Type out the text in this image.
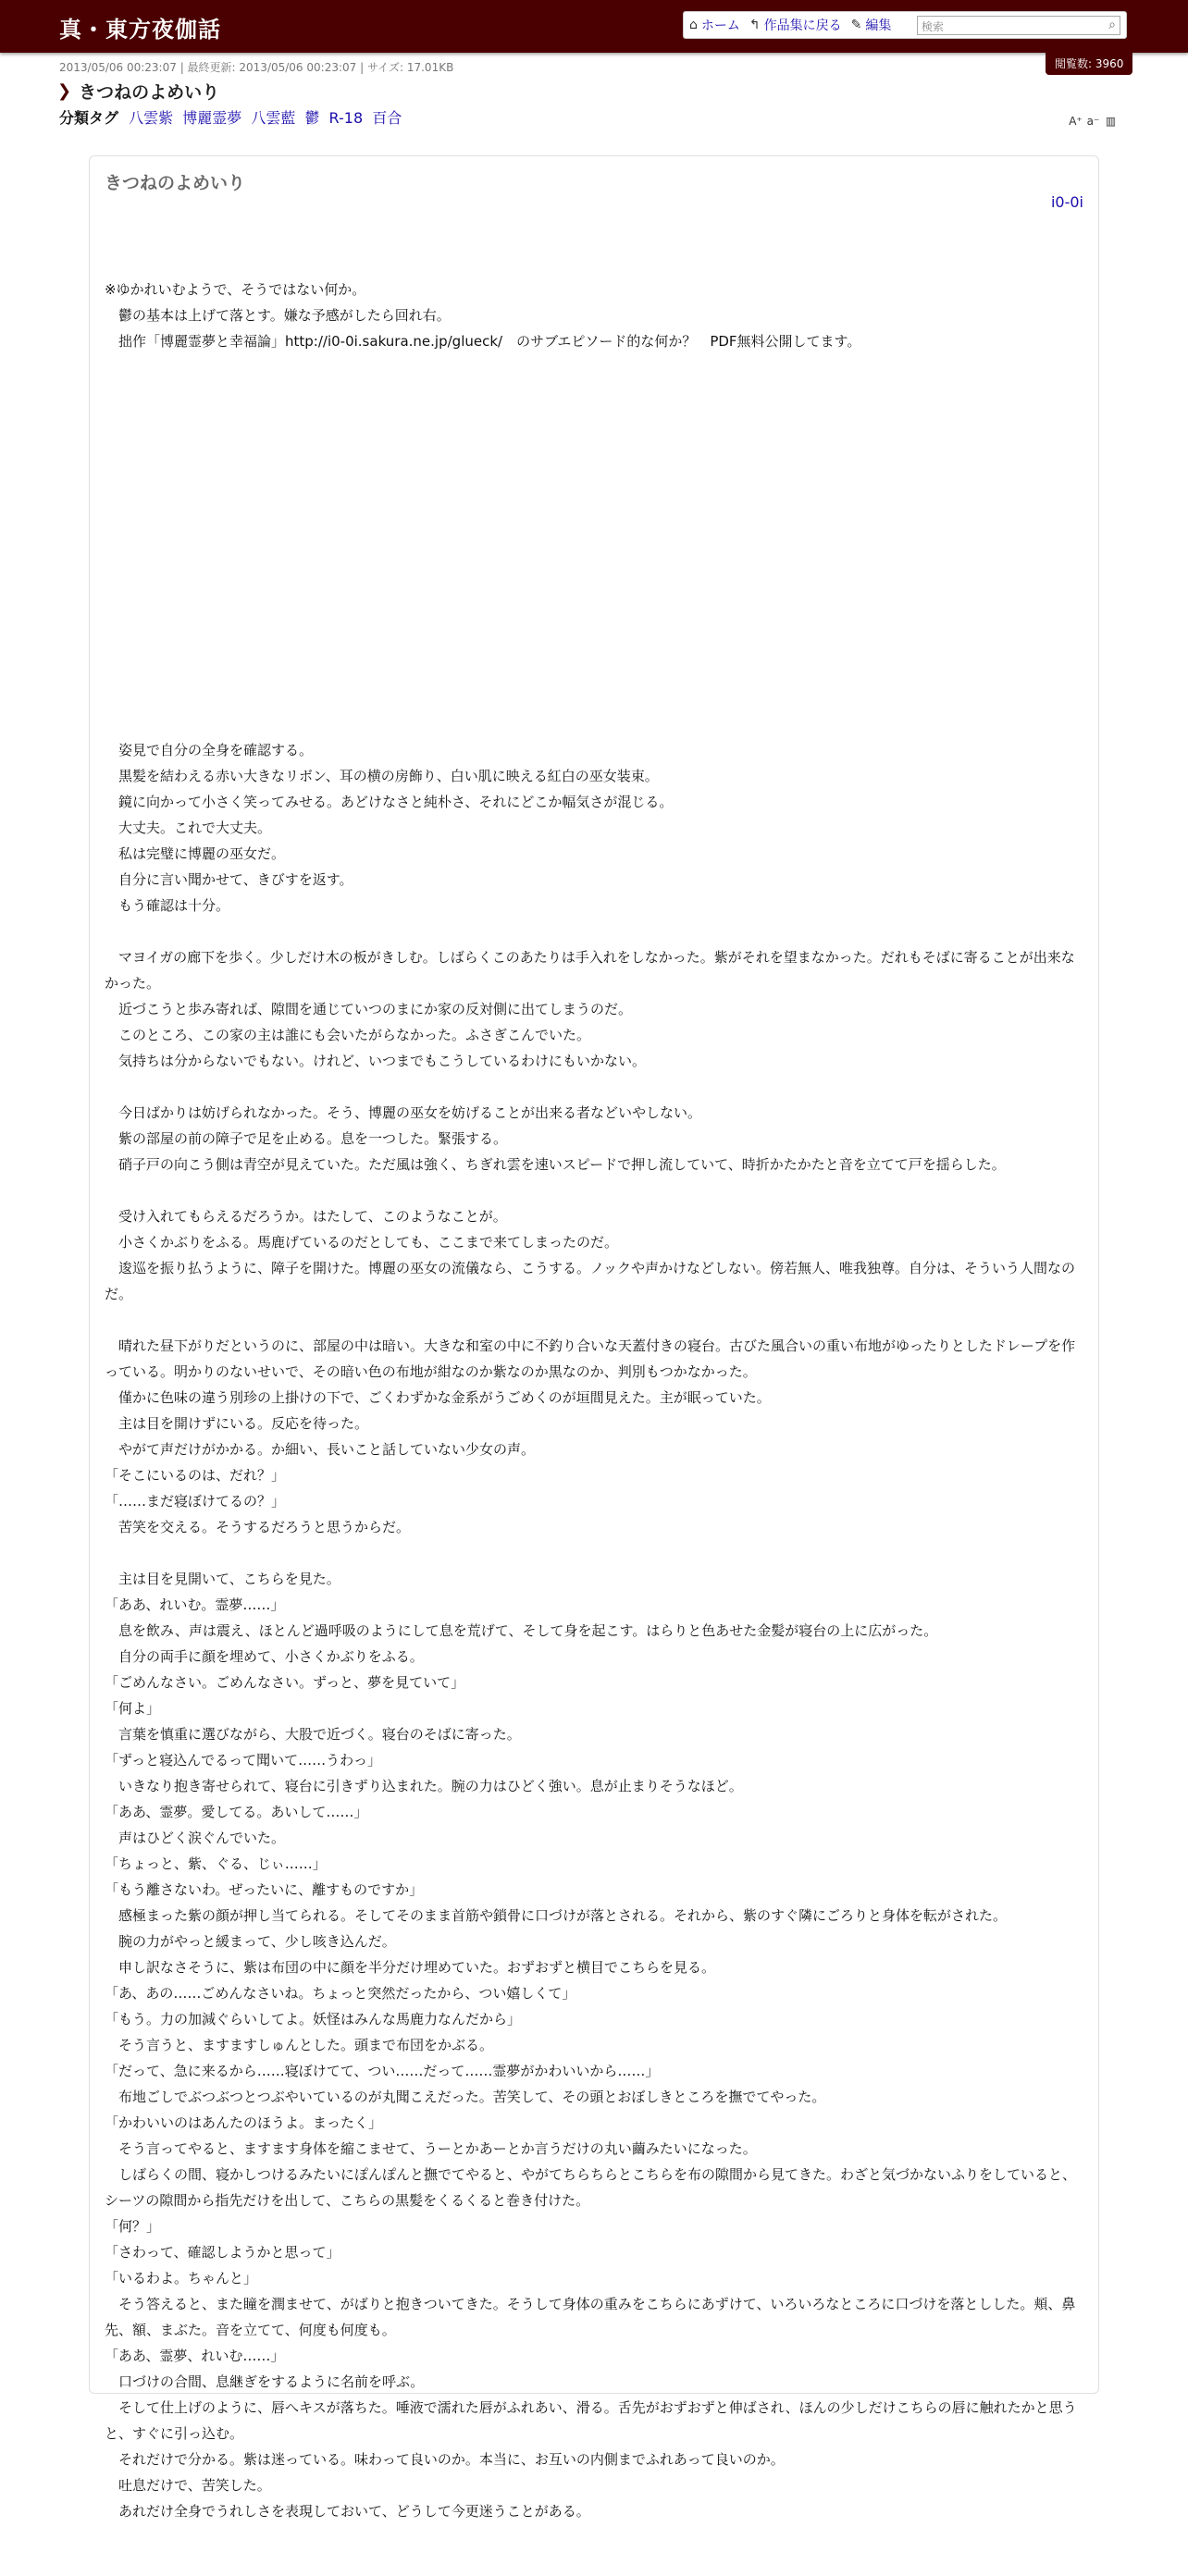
真・東方夜伽話	⌂ ホーム ↰ 作品集に戻る ✎ 編集	検索	⌕
閲覧数: 3960
2013/05/06 00:23:07 | 最終更新: 2013/05/06 00:23:07 | サイズ: 17.01KB
❯ きつねのよめいり
分類タグ 八雲紫 博麗霊夢 八雲藍 鬱 R-18 百合	A⁺ a⁻ ▥
きつねのよめいり
i0-0i

※ゆかれいむようで、そうではない何か。
　鬱の基本は上げて落とす。嫌な予感がしたら回れ右。
　拙作「博麗霊夢と幸福論」http://i0-0i.sakura.ne.jp/glueck/　のサブエピソード的な何か？　PDF無料公開してます。

　姿見で自分の全身を確認する。
　黒髪を結わえる赤い大きなリボン、耳の横の房飾り、白い肌に映える紅白の巫女装束。
　鏡に向かって小さく笑ってみせる。あどけなさと純朴さ、それにどこか幅気さが混じる。
　大丈夫。これで大丈夫。
　私は完璧に博麗の巫女だ。
　自分に言い聞かせて、きびすを返す。
　もう確認は十分。
　マヨイガの廊下を歩く。少しだけ木の板がきしむ。しばらくこのあたりは手入れをしなかった。紫がそれを望まなかった。だれもそばに寄ることが出来なかった。
　近づこうと歩み寄れば、隙間を通じていつのまにか家の反対側に出てしまうのだ。
　このところ、この家の主は誰にも会いたがらなかった。ふさぎこんでいた。
　気持ちは分からないでもない。けれど、いつまでもこうしているわけにもいかない。
　今日ばかりは妨げられなかった。そう、博麗の巫女を妨げることが出来る者などいやしない。
　紫の部屋の前の障子で足を止める。息を一つした。緊張する。
　硝子戸の向こう側は青空が見えていた。ただ風は強く、ちぎれ雲を速いスピードで押し流していて、時折かたかたと音を立てて戸を揺らした。
　受け入れてもらえるだろうか。はたして、このようなことが。
　小さくかぶりをふる。馬鹿げているのだとしても、ここまで来てしまったのだ。
　逡巡を振り払うように、障子を開けた。博麗の巫女の流儀なら、こうする。ノックや声かけなどしない。傍若無人、唯我独尊。自分は、そういう人間なのだ。
　晴れた昼下がりだというのに、部屋の中は暗い。大きな和室の中に不釣り合いな天蓋付きの寝台。古びた風合いの重い布地がゆったりとしたドレープを作っている。明かりのないせいで、その暗い色の布地が紺なのか紫なのか黒なのか、判別もつかなかった。
　僅かに色味の違う別珍の上掛けの下で、ごくわずかな金系がうごめくのが垣間見えた。主が眠っていた。
　主は目を開けずにいる。反応を待った。
　やがて声だけがかかる。か細い、長いこと話していない少女の声。
「そこにいるのは、だれ？」
「……まだ寝ぼけてるの？」
　苦笑を交える。そうするだろうと思うからだ。
　主は目を見開いて、こちらを見た。
「ああ、れいむ。霊夢……」
　息を飲み、声は震え、ほとんど過呼吸のようにして息を荒げて、そして身を起こす。はらりと色あせた金髪が寝台の上に広がった。
　自分の両手に顔を埋めて、小さくかぶりをふる。
「ごめんなさい。ごめんなさい。ずっと、夢を見ていて」
「何よ」
　言葉を慎重に選びながら、大股で近づく。寝台のそばに寄った。
「ずっと寝込んでるって聞いて……うわっ」
　いきなり抱き寄せられて、寝台に引きずり込まれた。腕の力はひどく強い。息が止まりそうなほど。
「ああ、霊夢。愛してる。あいして……」
　声はひどく涙ぐんでいた。
「ちょっと、紫、ぐる、じぃ……」
「もう離さないわ。ぜったいに、離すものですか」
　感極まった紫の顔が押し当てられる。そしてそのまま首筋や鎖骨に口づけが落とされる。それから、紫のすぐ隣にごろりと身体を転がされた。
　腕の力がやっと緩まって、少し咳き込んだ。
　申し訳なさそうに、紫は布団の中に顔を半分だけ埋めていた。おずおずと横目でこちらを見る。
「あ、あの……ごめんなさいね。ちょっと突然だったから、つい嬉しくて」
「もう。力の加減ぐらいしてよ。妖怪はみんな馬鹿力なんだから」
　そう言うと、ますますしゅんとした。頭まで布団をかぶる。
「だって、急に来るから……寝ぼけてて、つい……だって……霊夢がかわいいから……」
　布地ごしでぶつぶつとつぶやいているのが丸聞こえだった。苦笑して、その頭とおぼしきところを撫でてやった。
「かわいいのはあんたのほうよ。まったく」
　そう言ってやると、ますます身体を縮こませて、うーとかあーとか言うだけの丸い繭みたいになった。
　しばらくの間、寝かしつけるみたいにぽんぽんと撫でてやると、やがてちらちらとこちらを布の隙間から見てきた。わざと気づかないふりをしていると、シーツの隙間から指先だけを出して、こちらの黒髪をくるくると巻き付けた。
「何？」
「さわって、確認しようかと思って」
「いるわよ。ちゃんと」
　そう答えると、また瞳を潤ませて、がばりと抱きついてきた。そうして身体の重みをこちらにあずけて、いろいろなところに口づけを落としした。頬、鼻先、額、まぶた。音を立てて、何度も何度も。
「ああ、霊夢、れいむ……」
　口づけの合間、息継ぎをするように名前を呼ぶ。
　そして仕上げのように、唇へキスが落ちた。唾液で濡れた唇がふれあい、滑る。舌先がおずおずと伸ばされ、ほんの少しだけこちらの唇に触れたかと思うと、すぐに引っ込む。
　それだけで分かる。紫は迷っている。味わって良いのか。本当に、お互いの内側までふれあって良いのか。
　吐息だけで、苦笑した。
　あれだけ全身でうれしさを表現しておいて、どうして今更迷うことがある。
